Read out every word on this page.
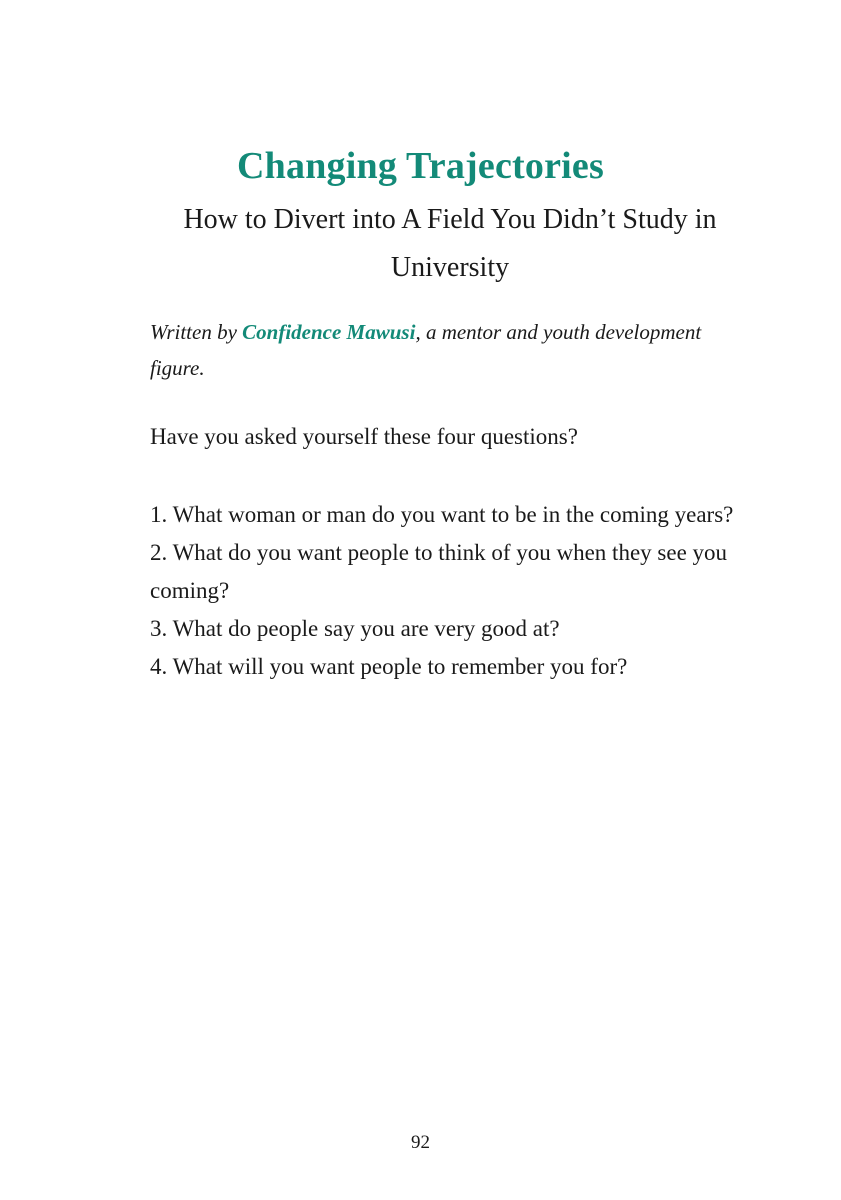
Changing Trajectories
How to Divert into A Field You Didn’t Study in University

Written by Confidence Mawusi, a mentor and youth development figure.

Have you asked yourself these four questions?

1. What woman or man do you want to be in the coming years?
2. What do you want people to think of you when they see you coming?
3. What do people say you are very good at?
4. What will you want people to remember you for?
92
